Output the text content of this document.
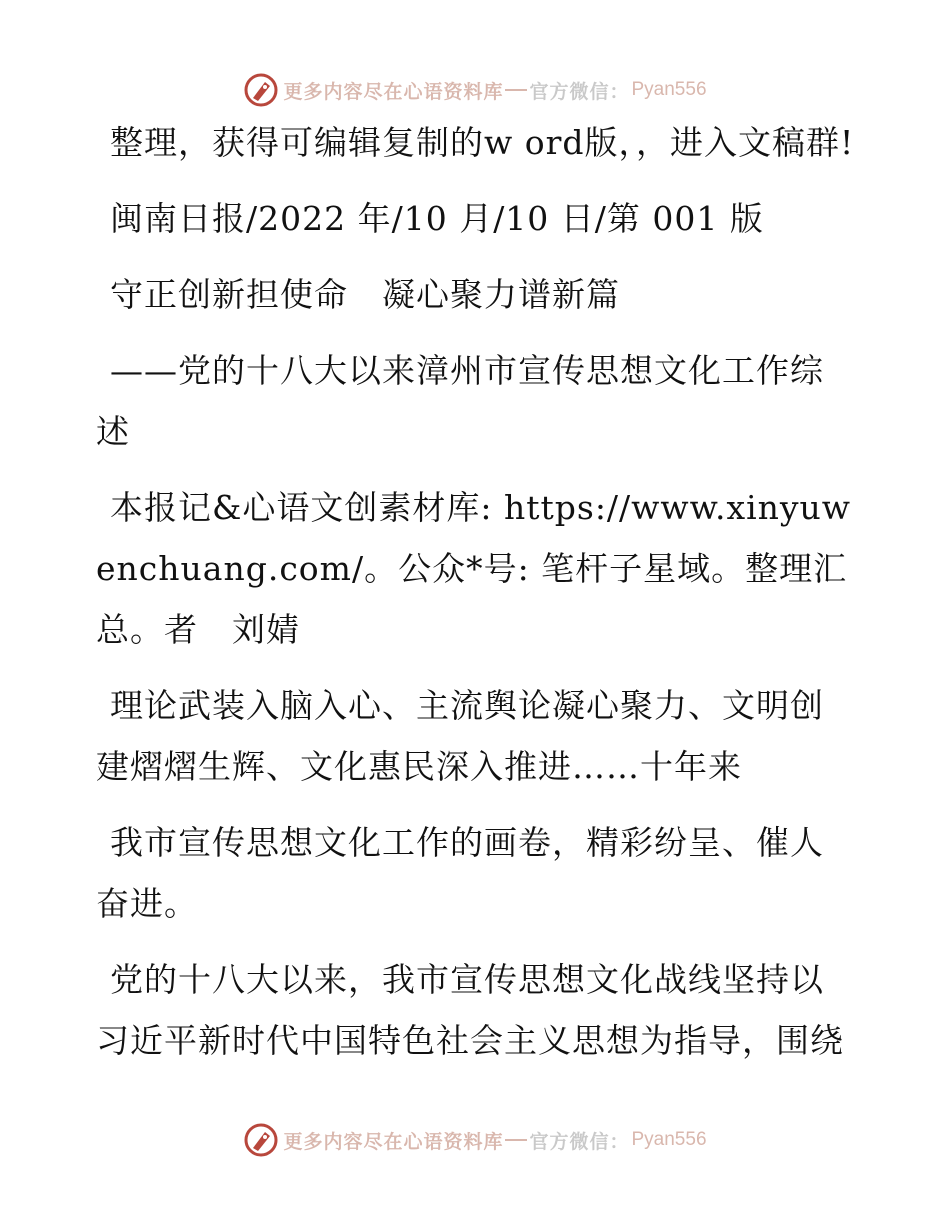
更多内容尽在心语资料库 官方微信： Pyan556

整理，获得可编辑复制的w ord版，，进入文稿群!

闽南日报/2022 年/10 月/10 日/第 001 版

守正创新担使命　凝心聚力谱新篇

——党的十八大以来漳州市宣传思想文化工作综述

本报记&心语文创素材库: https://www.xinyuwenchuang.com/。公众*号: 笔杆子星域。整理汇总。者　刘婧

理论武装入脑入心、主流舆论凝心聚力、文明创建熠熠生辉、文化惠民深入推进……十年来

我市宣传思想文化工作的画卷，精彩纷呈、催人奋进。

党的十八大以来，我市宣传思想文化战线坚持以习近平新时代中国特色社会主义思想为指导，围绕

更多内容尽在心语资料库 官方微信： Pyan556
